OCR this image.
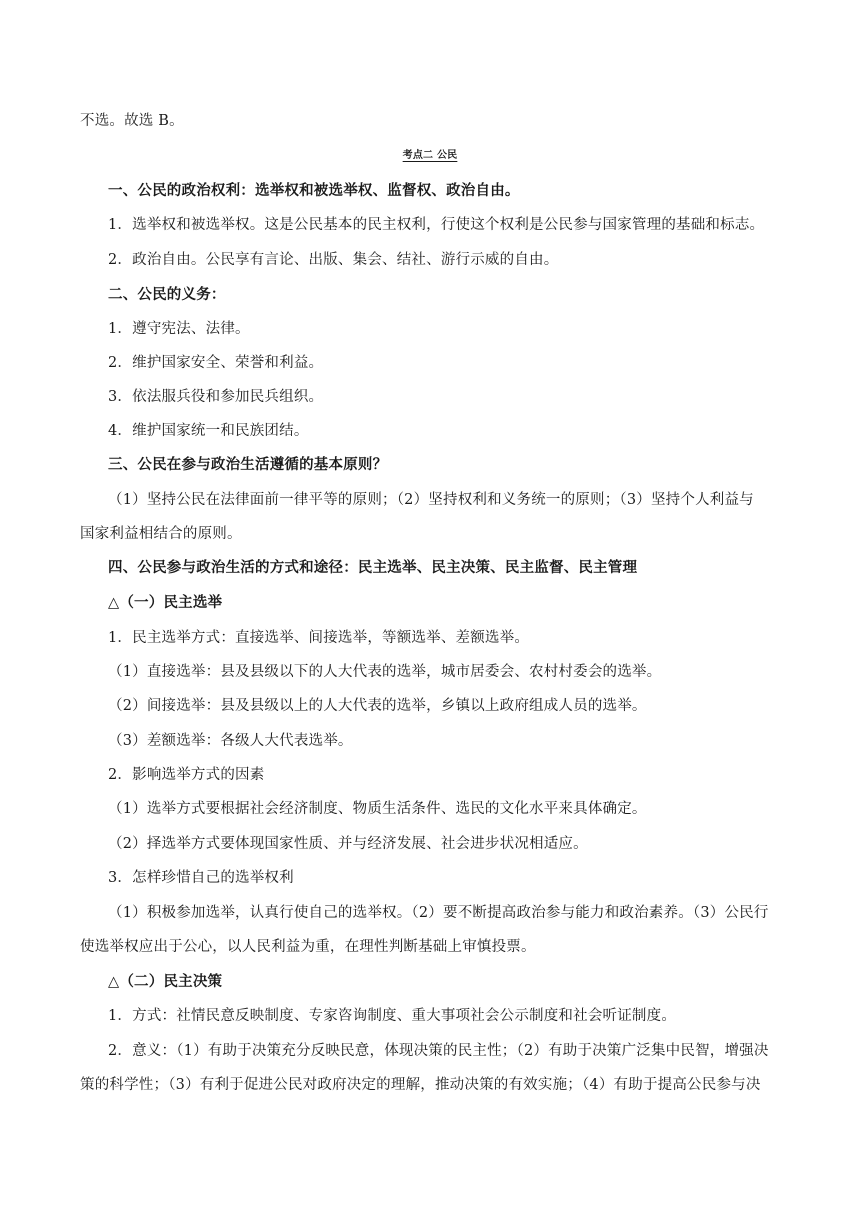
不选。故选 B。
考点二 公民
一、公民的政治权利：选举权和被选举权、监督权、政治自由。
1．选举权和被选举权。这是公民基本的民主权利，行使这个权利是公民参与国家管理的基础和标志。
2．政治自由。公民享有言论、出版、集会、结社、游行示威的自由。
二、公民的义务：
1．遵守宪法、法律。
2．维护国家安全、荣誉和利益。
3．依法服兵役和参加民兵组织。
4．维护国家统一和民族团结。
三、公民在参与政治生活遵循的基本原则？
（1）坚持公民在法律面前一律平等的原则；（2）坚持权利和义务统一的原则；（3）坚持个人利益与
国家利益相结合的原则。
四、公民参与政治生活的方式和途径：民主选举、民主决策、民主监督、民主管理
△（一）民主选举
1．民主选举方式：直接选举、间接选举，等额选举、差额选举。
（1）直接选举：县及县级以下的人大代表的选举，城市居委会、农村村委会的选举。
（2）间接选举：县及县级以上的人大代表的选举，乡镇以上政府组成人员的选举。
（3）差额选举：各级人大代表选举。
2．影响选举方式的因素
（1）选举方式要根据社会经济制度、物质生活条件、选民的文化水平来具体确定。
（2）择选举方式要体现国家性质、并与经济发展、社会进步状况相适应。
3．怎样珍惜自己的选举权利
（1）积极参加选举，认真行使自己的选举权。（2）要不断提高政治参与能力和政治素养。（3）公民行
使选举权应出于公心，以人民利益为重，在理性判断基础上审慎投票。
△（二）民主决策
1．方式：社情民意反映制度、专家咨询制度、重大事项社会公示制度和社会听证制度。
2．意义：（1）有助于决策充分反映民意，体现决策的民主性；（2）有助于决策广泛集中民智，增强决
策的科学性；（3）有利于促进公民对政府决定的理解，推动决策的有效实施；（4）有助于提高公民参与决
